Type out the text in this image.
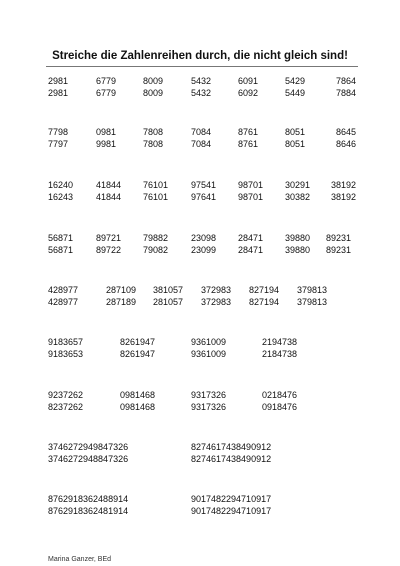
Streiche die Zahlenreihen durch, die nicht gleich sind!
2981	6779	8009	5432	6091	5429	7864
2981	6779	8009	5432	6092	5449	7884
7798	0981	7808	7084	8761	8051	8645
7797	9981	7808	7084	8761	8051	8646
16240	41844 76101	97541 98701 30291 38192
16243	41844 76101	97641 98701 30382 38192
56871	89721 79882	23098 28471 39880 89231
56871	89722 79082	23099 28471 39880 89231
428977	287109 381057 372983 827194 379813
428977	287189 281057 372983 827194 379813
9183657	8261947	9361009	2194738
9183653	8261947	9361009	2184738
9237262	0981468	9317326	0218476
8237262	0981468	9317326	0918476
3746272949847326	8274617438490912
3746272948847326	8274617438490912
8762918362488914	9017482294710917
8762918362481914	9017482294710917
Marina Ganzer, BEd
